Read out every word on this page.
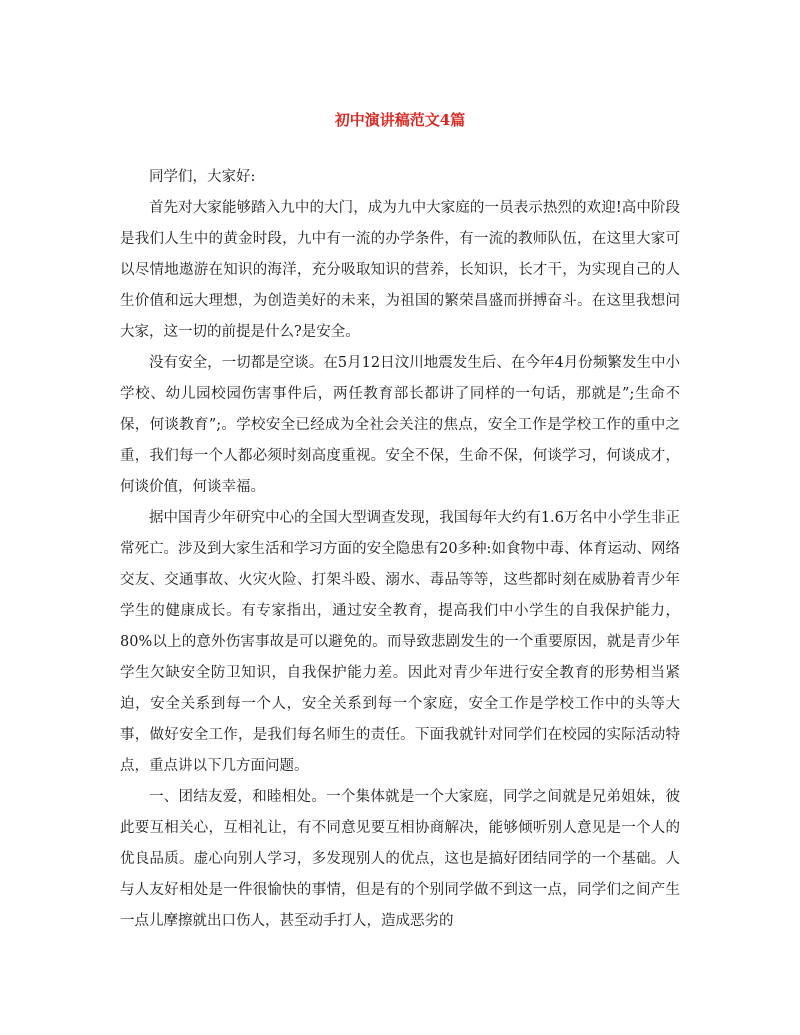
初中演讲稿范文4篇

同学们，大家好:

首先对大家能够踏入九中的大门，成为九中大家庭的一员表示热烈的欢迎!高中阶段是我们人生中的黄金时段，九中有一流的办学条件，有一流的教师队伍，在这里大家可以尽情地遨游在知识的海洋，充分吸取知识的营养，长知识，长才干，为实现自己的人生价值和远大理想，为创造美好的未来，为祖国的繁荣昌盛而拼搏奋斗。在这里我想问大家，这一切的前提是什么?是安全。

没有安全，一切都是空谈。在5月12日汶川地震发生后、在今年4月份频繁发生中小学校、幼儿园校园伤害事件后，两任教育部长都讲了同样的一句话，那就是”;生命不保，何谈教育”;。学校安全已经成为全社会关注的焦点，安全工作是学校工作的重中之重，我们每一个人都必须时刻高度重视。安全不保，生命不保，何谈学习，何谈成才，何谈价值，何谈幸福。

据中国青少年研究中心的全国大型调查发现，我国每年大约有1.6万名中小学生非正常死亡。涉及到大家生活和学习方面的安全隐患有20多种:如食物中毒、体育运动、网络交友、交通事故、火灾火险、打架斗殴、溺水、毒品等等，这些都时刻在威胁着青少年学生的健康成长。有专家指出，通过安全教育，提高我们中小学生的自我保护能力，80%以上的意外伤害事故是可以避免的。而导致悲剧发生的一个重要原因，就是青少年学生欠缺安全防卫知识，自我保护能力差。因此对青少年进行安全教育的形势相当紧迫，安全关系到每一个人，安全关系到每一个家庭，安全工作是学校工作中的头等大事，做好安全工作，是我们每名师生的责任。下面我就针对同学们在校园的实际活动特点，重点讲以下几方面问题。

一、团结友爱，和睦相处。一个集体就是一个大家庭，同学之间就是兄弟姐妹，彼此要互相关心，互相礼让，有不同意见要互相协商解决，能够倾听别人意见是一个人的优良品质。虚心向别人学习，多发现别人的优点，这也是搞好团结同学的一个基础。人与人友好相处是一件很愉快的事情，但是有的个别同学做不到这一点，同学们之间产生一点儿摩擦就出口伤人，甚至动手打人，造成恶劣的
